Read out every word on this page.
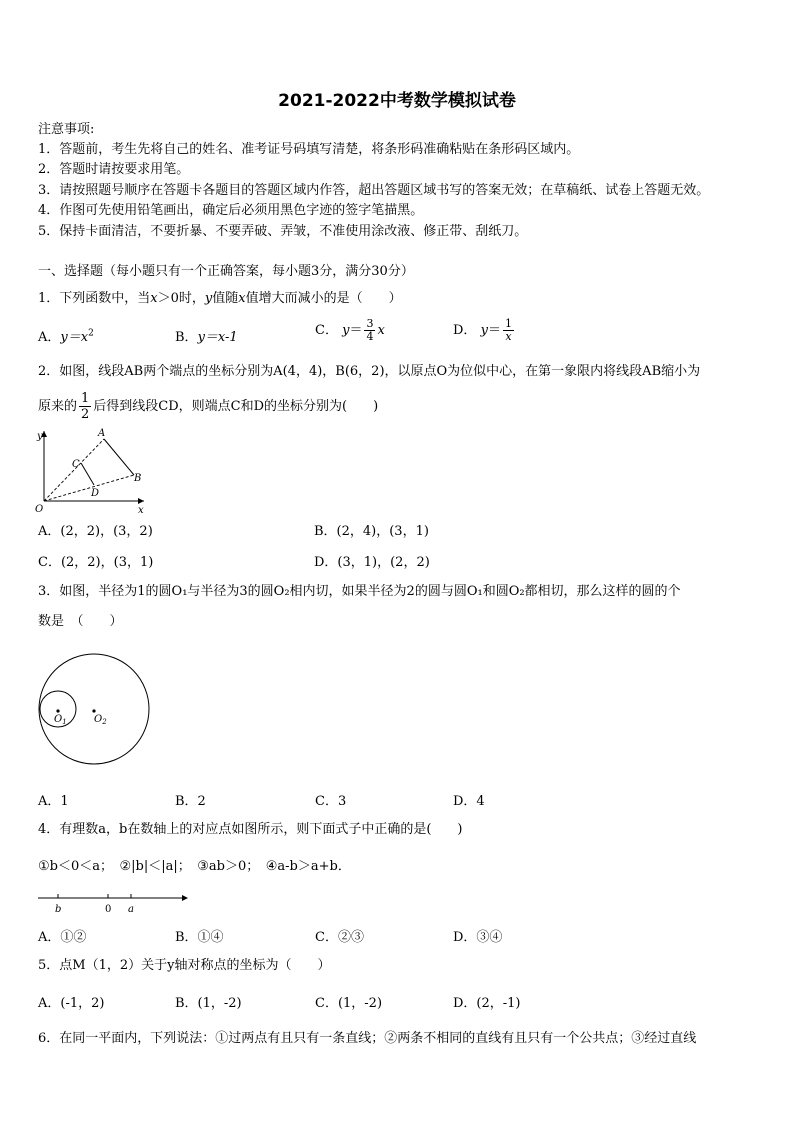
2021-2022中考数学模拟试卷
注意事项:
1．答题前，考生先将自己的姓名、准考证号码填写清楚，将条形码准确粘贴在条形码区域内。
2．答题时请按要求用笔。
3．请按照题号顺序在答题卡各题目的答题区域内作答，超出答题区域书写的答案无效；在草稿纸、试卷上答题无效。
4．作图可先使用铅笔画出，确定后必须用黑色字迹的签字笔描黑。
5．保持卡面清洁，不要折暴、不要弄破、弄皱，不准使用涂改液、修正带、刮纸刀。
一、选择题（每小题只有一个正确答案，每小题3分，满分30分）
1．下列函数中，当x＞0时，y值随x值增大而减小的是（　　）
A．$y=x^2$	B．y＝x-1	C． $y= \frac{3}{4}$ x	D． $y= \frac{1}{x}$
2．如图，线段AB两个端点的坐标分别为A(4，4)，B(6，2)，以原点O为位似中心，在第一象限内将线段AB缩小为
原来的 $\frac{1}{2}$ 后得到线段CD，则端点C和D的坐标分别为(　　)
y
x
A
B
C
D
O
A．(2，2)，(3，2)	B．(2，4)，(3，1)
C．(2，2)，(3，1)	D．(3，1)，(2，2)
3．如图，半径为1的圆O₁与半径为3的圆O₂相内切，如果半径为2的圆与圆O₁和圆O₂都相切，那么这样的圆的个
数是　（　　）
$O_1$	$O_2$
A．1	B．2	C．3	D．4
4．有理数a，b在数轴上的对应点如图所示，则下面式子中正确的是(　　)
①b＜0＜a；　②|b|＜|a|；　③ab＞0；　④a-b＞a+b．
b	0 a
A．①②	B．①④	C．②③	D．③④
5．点M（1，2）关于y轴对称点的坐标为（　　）
A．(-1，2)	B．(1，-2)	C．(1，-2)	D．(2，-1)
6．在同一平面内，下列说法：①过两点有且只有一条直线；②两条不相同的直线有且只有一个公共点；③经过直线
